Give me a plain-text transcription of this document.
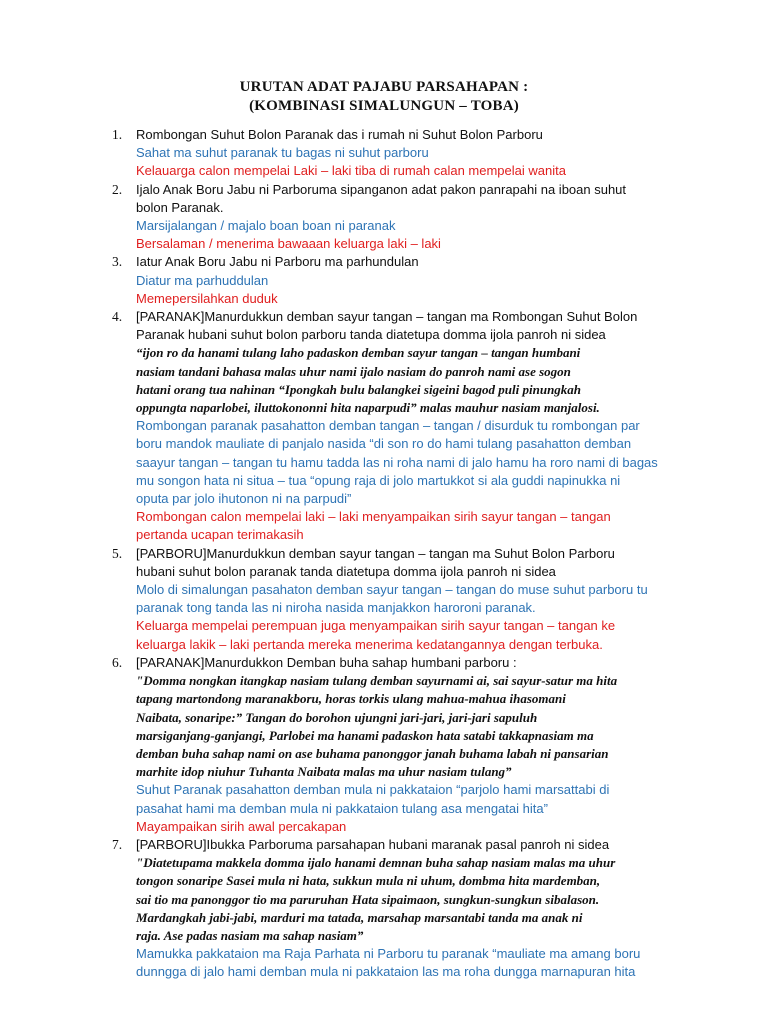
URUTAN ADAT PAJABU PARSAHAPAN :
(KOMBINASI SIMALUNGUN – TOBA)
1. Rombongan Suhut Bolon Paranak das i rumah ni Suhut Bolon Parboru
Sahat ma suhut paranak tu bagas ni suhut parboru
Kelauarga calon mempelai Laki – laki tiba di rumah calan mempelai wanita
2. Ijalo Anak Boru Jabu ni Parboruma sipanganon adat pakon panrapahi na iboan suhut
bolon Paranak.
Marsijalangan / majalo boan boan ni paranak
Bersalaman / menerima bawaaan keluarga laki – laki
3. Iatur Anak Boru Jabu ni Parboru ma parhundulan
Diatur ma parhuddulan
Memepersilahkan duduk
4. [PARANAK]Manurdukkun demban sayur tangan – tangan ma Rombongan Suhut Bolon
Paranak hubani suhut bolon parboru tanda diatetupa domma ijola panroh ni sidea
“ijon ro da hanami tulang laho padaskon demban sayur tangan – tangan humbani
nasiam tandani bahasa malas uhur nami ijalo nasiam do panroh nami ase sogon
hatani orang tua nahinan “Ipongkah bulu balangkei sigeini bagod puli pinungkah
oppungta naparlobei, iluttokononni hita naparpudi” malas mauhur nasiam manjalosi.
Rombongan paranak pasahatton demban tangan – tangan / disurduk tu rombongan par
boru mandok mauliate di panjalo nasida “di son ro do hami tulang pasahatton demban
saayur tangan – tangan tu hamu tadda las ni roha nami di jalo hamu ha roro nami di bagas
mu songon hata ni situa – tua “opung raja di jolo martukkot si ala guddi napinukka ni
oputa par jolo ihutonon ni na parpudi”
Rombongan calon mempelai laki – laki menyampaikan sirih sayur tangan – tangan
pertanda ucapan terimakasih
5. [PARBORU]Manurdukkun demban sayur tangan – tangan ma Suhut Bolon Parboru
hubani suhut bolon paranak tanda diatetupa domma ijola panroh ni sidea
Molo di simalungan pasahaton demban sayur tangan – tangan do muse suhut parboru tu
paranak tong tanda las ni niroha nasida manjakkon haroroni paranak.
Keluarga mempelai perempuan juga menyampaikan sirih sayur tangan – tangan ke
keluarga lakik – laki pertanda mereka menerima kedatangannya dengan terbuka.
6. [PARANAK]Manurdukkon Demban buha sahap humbani parboru :
"Domma nongkan itangkap nasiam tulang demban sayurnami ai, sai sayur-satur ma hita
tapang martondong maranakboru, horas torkis ulang mahua-mahua ihasomani
Naibata, sonaripe:” Tangan do borohon ujungni jari-jari, jari-jari sapuluh
marsiganjang-ganjangi, Parlobei ma hanami padaskon hata satabi takkapnasiam ma
demban buha sahap nami on ase buhama panonggor janah buhama labah ni pansarian
marhite idop niuhur Tuhanta Naibata malas ma uhur nasiam tulang”
Suhut Paranak pasahatton demban mula ni pakkataion “parjolo hami marsattabi di
pasahat hami ma demban mula ni pakkataion tulang asa mengatai hita”
Mayampaikan sirih awal percakapan
7. [PARBORU]Ibukka Parboruma parsahapan hubani maranak pasal panroh ni sidea
"Diatetupama makkela domma ijalo hanami demnan buha sahap nasiam malas ma uhur
tongon sonaripe Sasei mula ni hata, sukkun mula ni uhum, dombma hita mardemban,
sai tio ma panonggor tio ma paruruhan Hata sipaimaon, sungkun-sungkun sibalason.
Mardangkah jabi-jabi, marduri ma tatada, marsahap marsantabi tanda ma anak ni
raja. Ase padas nasiam ma sahap nasiam”
Mamukka pakkataion ma Raja Parhata ni Parboru tu paranak “mauliate ma amang boru
dunngga di jalo hami demban mula ni pakkataion las ma roha dungga marnapuran hita
